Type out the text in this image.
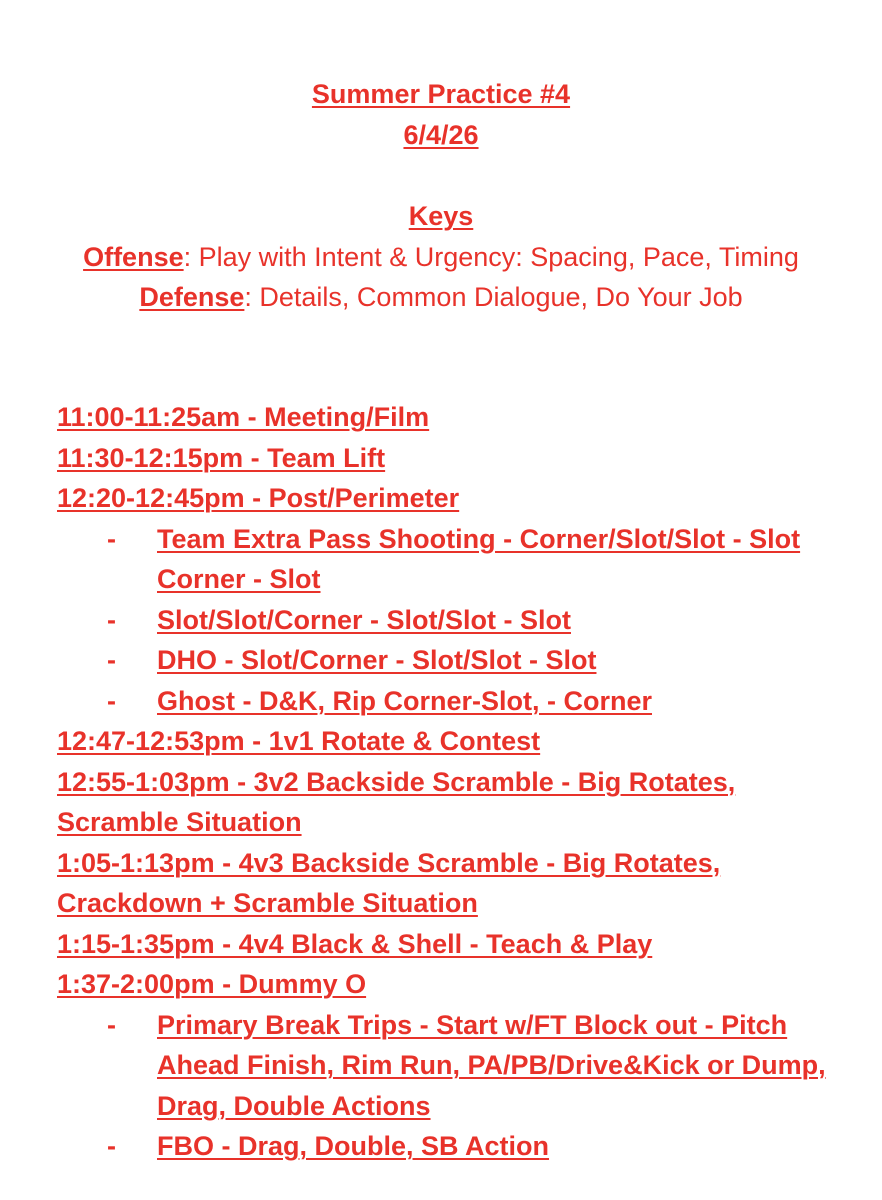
Summer Practice #4
6/4/26
Keys
Offense: Play with Intent & Urgency: Spacing, Pace, Timing
Defense: Details, Common Dialogue, Do Your Job
11:00-11:25am - Meeting/Film
11:30-12:15pm - Team Lift
12:20-12:45pm - Post/Perimeter
- Team Extra Pass Shooting - Corner/Slot/Slot - Slot Corner - Slot
- Slot/Slot/Corner - Slot/Slot - Slot
- DHO - Slot/Corner - Slot/Slot - Slot
- Ghost - D&K, Rip Corner-Slot, - Corner
12:47-12:53pm - 1v1 Rotate & Contest
12:55-1:03pm - 3v2 Backside Scramble - Big Rotates, Scramble Situation
1:05-1:13pm - 4v3 Backside Scramble - Big Rotates, Crackdown + Scramble Situation
1:15-1:35pm - 4v4 Black & Shell - Teach & Play
1:37-2:00pm - Dummy O
- Primary Break Trips - Start w/FT Block out - Pitch Ahead Finish, Rim Run, PA/PB/Drive&Kick or Dump, Drag, Double Actions
- FBO - Drag, Double, SB Action
